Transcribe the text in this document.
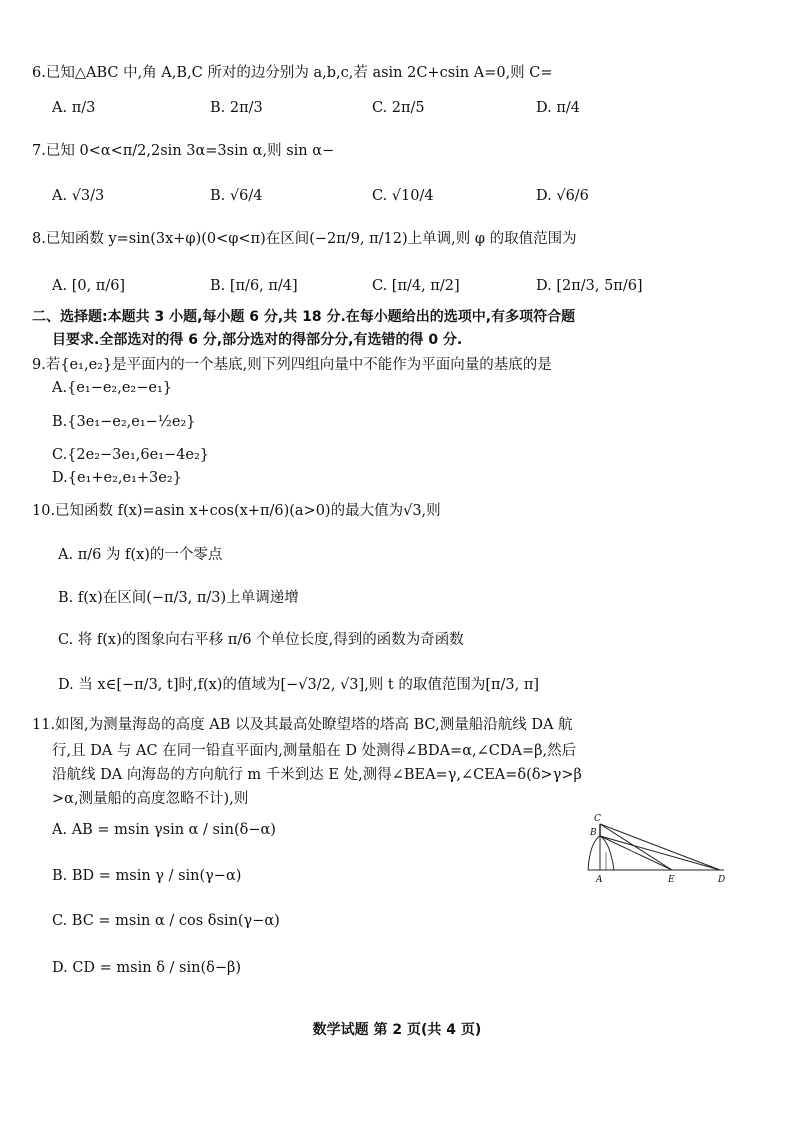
6.已知△ABC 中,角 A,B,C 所对的边分别为 a,b,c,若 asin 2C+csin A=0,则 C=
A. π/3	B. 2π/3	C. 2π/5	D. π/4
7.已知 0<α<π/2,2sin 3α=3sin α,则 sin α−
A. √3/3	B. √6/4	C. √10/4	D. √6/6
8.已知函数 y=sin(3x+φ)(0<φ<π)在区间(−2π/9, π/12)上单调,则 φ 的取值范围为
A. [0, π/6]	B. [π/6, π/4]	C. [π/4, π/2]	D. [2π/3, 5π/6]
二、选择题:本题共 3 小题,每小题 6 分,共 18 分.在每小题给出的选项中,有多项符合题
目要求.全部选对的得 6 分,部分选对的得部分分,有选错的得 0 分.
9.若{e₁,e₂}是平面内的一个基底,则下列四组向量中不能作为平面向量的基底的是
A.{e₁−e₂,e₂−e₁}
B.{3e₁−e₂,e₁−½e₂}
C.{2e₂−3e₁,6e₁−4e₂}
D.{e₁+e₂,e₁+3e₂}
10.已知函数 f(x)=asin x+cos(x+π/6)(a>0)的最大值为√3,则
A. π/6 为 f(x)的一个零点
B. f(x)在区间(−π/3, π/3)上单调递增
C. 将 f(x)的图象向右平移 π/6 个单位长度,得到的函数为奇函数
D. 当 x∈[−π/3, t]时,f(x)的值域为[−√3/2, √3],则 t 的取值范围为[π/3, π]
11.如图,为测量海岛的高度 AB 以及其最高处瞭望塔的塔高 BC,测量船沿航线 DA 航
行,且 DA 与 AC 在同一铅直平面内,测量船在 D 处测得∠BDA=α,∠CDA=β,然后
沿航线 DA 向海岛的方向航行 m 千米到达 E 处,测得∠BEA=γ,∠CEA=δ(δ>γ>β
>α,测量船的高度忽略不计),则
A. AB = msin γsin α / sin(δ−α)
B. BD = msin γ / sin(γ−α)
C. BC = msin α / cos δsin(γ−α)
D. CD = msin δ / sin(δ−β)
C
B
A	E	D
数学试题 第 2 页(共 4 页)
